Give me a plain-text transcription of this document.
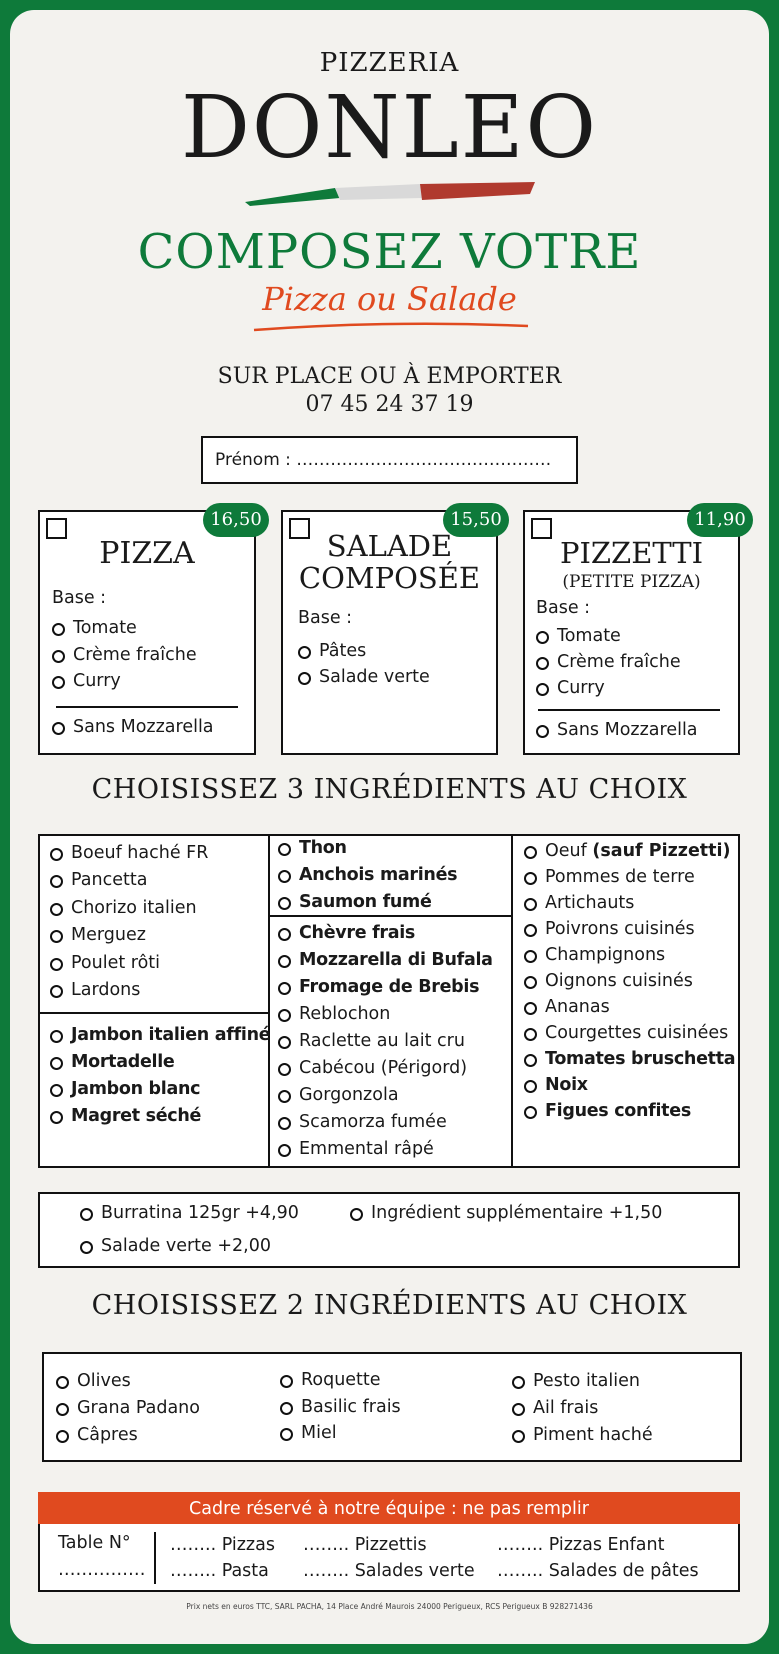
PIZZERIA
DONLEO
COMPOSEZ VOTRE
Pizza ou Salade
SUR PLACE OU À EMPORTER
07 45 24 37 19
Prénom : ………………………………………
16,50
PIZZA
Base :
Tomate
Crème fraîche
Curry
Sans Mozzarella
15,50
SALADE
COMPOSÉE
Base :
Pâtes
Salade verte
11,90
PIZZETTI
(PETITE PIZZA)
Base :
Tomate
Crème fraîche
Curry
Sans Mozzarella
CHOISISSEZ 3 INGRÉDIENTS AU CHOIX
Boeuf haché FR
Pancetta
Chorizo italien
Merguez
Poulet rôti
Lardons
Jambon italien affiné
Mortadelle
Jambon blanc
Magret séché
Thon
Anchois marinés
Saumon fumé
Chèvre frais
Mozzarella di Bufala
Fromage de Brebis
Reblochon
Raclette au lait cru
Cabécou (Périgord)
Gorgonzola
Scamorza fumée
Emmental râpé
Oeuf (sauf Pizzetti)
Pommes de terre
Artichauts
Poivrons cuisinés
Champignons
Oignons cuisinés
Ananas
Courgettes cuisinées
Tomates bruschetta
Noix
Figues confites
Burratina 125gr +4,90	Ingrédient supplémentaire +1,50
Salade verte +2,00
CHOISISSEZ 2 INGRÉDIENTS AU CHOIX
Olives
Grana Padano
Câpres
Roquette
Basilic frais
Miel
Pesto italien
Ail frais
Piment haché
Cadre réservé à notre équipe : ne pas remplir
Table N°
……………
…….. Pizzas …….. Pizzettis	…….. Pizzas Enfant
…….. Pasta …….. Salades verte …….. Salades de pâtes
Prix nets en euros TTC, SARL PACHA, 14 Place André Maurois 24000 Perigueux, RCS Perigueux B 928271436
